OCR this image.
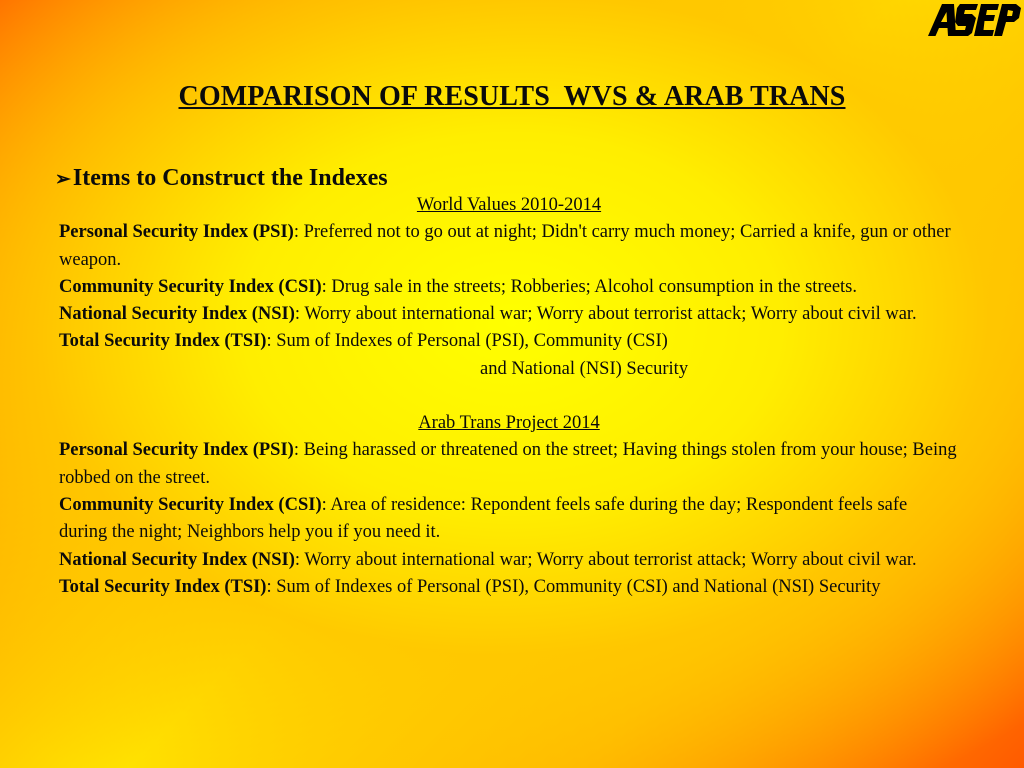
COMPARISON OF RESULTS  WVS & ARAB TRANS
➢Items to Construct the Indexes
World Values 2010-2014
Personal Security Index (PSI): Preferred not to go out at night; Didn't carry much money; Carried a knife, gun or other weapon.
Community Security Index (CSI): Drug sale in the streets; Robberies; Alcohol consumption in the streets.
National Security Index (NSI): Worry about international war; Worry about terrorist attack; Worry about civil war.
Total Security Index (TSI): Sum of Indexes of Personal (PSI), Community (CSI)
and National (NSI) Security
Arab Trans Project 2014
Personal Security Index (PSI): Being harassed or threatened on the street; Having things stolen from your house; Being robbed on the street.
Community Security Index (CSI): Area of residence: Repondent feels safe during the day; Respondent feels safe during the night; Neighbors help you if you need it.
National Security Index (NSI): Worry about international war; Worry about terrorist attack; Worry about civil war.
Total Security Index (TSI): Sum of Indexes of Personal (PSI), Community (CSI) and National (NSI) Security
